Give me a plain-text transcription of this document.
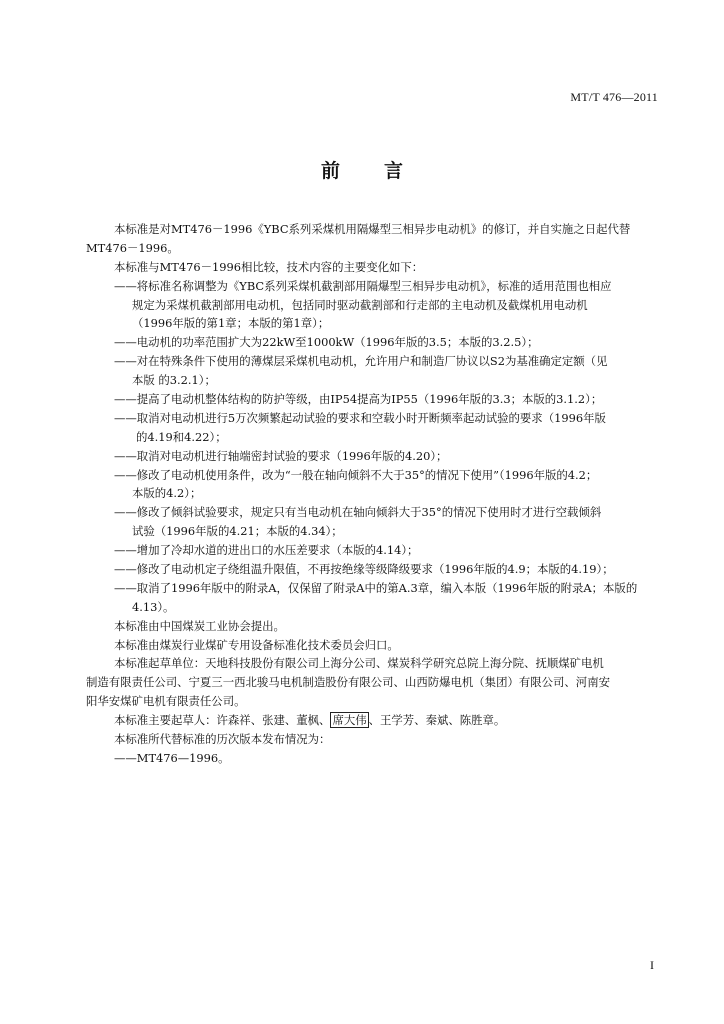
MT/T 476—2011
前 言
本标准是对MT476－1996《YBC系列采煤机用隔爆型三相异步电动机》的修订，并自实施之日起代替
MT476－1996。
本标准与MT476－1996相比较，技术内容的主要变化如下：
——将标准名称调整为《YBC系列采煤机截割部用隔爆型三相异步电动机》，标准的适用范围也相应
规定为采煤机截割部用电动机，包括同时驱动截割部和行走部的主电动机及截煤机用电动机
（1996年版的第1章；本版的第1章）；
——电动机的功率范围扩大为22kW至1000kW（1996年版的3.5；本版的3.2.5）；
——对在特殊条件下使用的薄煤层采煤机电动机，允许用户和制造厂协议以S2为基准确定定额（见
本版 的3.2.1）；
——提高了电动机整体结构的防护等级，由IP54提高为IP55（1996年版的3.3；本版的3.1.2）；
——取消对电动机进行5万次频繁起动试验的要求和空载小时开断频率起动试验的要求（1996年版
的4.19和4.22）；
——取消对电动机进行轴端密封试验的要求（1996年版的4.20）；
——修改了电动机使用条件，改为“一般在轴向倾斜不大于35°的情况下使用”（1996年版的4.2；
本版的4.2）；
——修改了倾斜试验要求，规定只有当电动机在轴向倾斜大于35°的情况下使用时才进行空载倾斜
试验（1996年版的4.21；本版的4.34）；
——增加了冷却水道的进出口的水压差要求（本版的4.14）；
——修改了电动机定子绕组温升限值，不再按绝缘等级降级要求（1996年版的4.9；本版的4.19）；
——取消了1996年版中的附录A，仅保留了附录A中的第A.3章，编入本版（1996年版的附录A；本版的
4.13）。
本标准由中国煤炭工业协会提出。
本标准由煤炭行业煤矿专用设备标准化技术委员会归口。
本标准起草单位：天地科技股份有限公司上海分公司、煤炭科学研究总院上海分院、抚顺煤矿电机
制造有限责任公司、宁夏三一西北骏马电机制造股份有限公司、山西防爆电机（集团）有限公司、河南安
阳华安煤矿电机有限责任公司。
本标准主要起草人：许森祥、张建、董枫、 席大伟 、王学芳、秦斌、陈胜章。
本标准所代替标准的历次版本发布情况为：
——MT476—1996。
I
